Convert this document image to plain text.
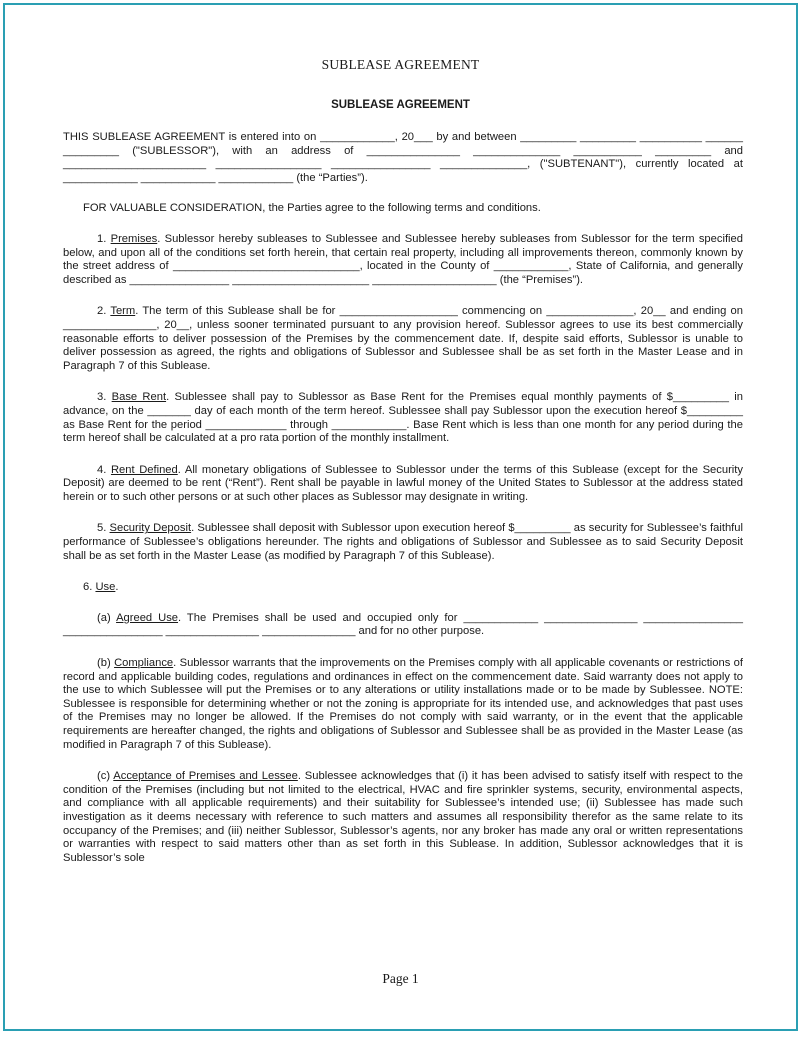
SUBLEASE AGREEMENT
SUBLEASE AGREEMENT

THIS SUBLEASE AGREEMENT is entered into on ____________, 20___ by and between _________ _________ __________ ______ _________ ("SUBLESSOR"), with an address of _______________ ______________ ___________ _________ and _______________________ _________________ ________________ ______________, ("SUBTENANT"), currently located at ____________ ____________ ____________ (the “Parties”).

FOR VALUABLE CONSIDERATION, the Parties agree to the following terms and conditions.

1. Premises. Sublessor hereby subleases to Sublessee and Sublessee hereby subleases from Sublessor for the term specified below, and upon all of the conditions set forth herein, that certain real property, including all improvements thereon, commonly known by the street address of ______________________________, located in the County of ____________, State of California, and generally described as ________________ ______________________ ____________________ (the “Premises”).

2. Term. The term of this Sublease shall be for ___________________ commencing on ______________, 20__ and ending on _______________, 20__, unless sooner terminated pursuant to any provision hereof. Sublessor agrees to use its best commercially reasonable efforts to deliver possession of the Premises by the commencement date. If, despite said efforts, Sublessor is unable to deliver possession as agreed, the rights and obligations of Sublessor and Sublessee shall be as set forth in the Master Lease and in Paragraph 7 of this Sublease.

3. Base Rent. Sublessee shall pay to Sublessor as Base Rent for the Premises equal monthly payments of $_________ in advance, on the _______ day of each month of the term hereof. Sublessee shall pay Sublessor upon the execution hereof $_________ as Base Rent for the period _____________ through ____________. Base Rent which is less than one month for any period during the term hereof shall be calculated at a pro rata portion of the monthly installment.

4. Rent Defined. All monetary obligations of Sublessee to Sublessor under the terms of this Sublease (except for the Security Deposit) are deemed to be rent (“Rent”). Rent shall be payable in lawful money of the United States to Sublessor at the address stated herein or to such other persons or at such other places as Sublessor may designate in writing.

5. Security Deposit. Sublessee shall deposit with Sublessor upon execution hereof $_________ as security for Sublessee’s faithful performance of Sublessee’s obligations hereunder. The rights and obligations of Sublessor and Sublessee as to said Security Deposit shall be as set forth in the Master Lease (as modified by Paragraph 7 of this Sublease).

6. Use.

(a) Agreed Use. The Premises shall be used and occupied only for ____________ _______________ ________________ ________________ _______________ _______________ and for no other purpose.

(b) Compliance. Sublessor warrants that the improvements on the Premises comply with all applicable covenants or restrictions of record and applicable building codes, regulations and ordinances in effect on the commencement date. Said warranty does not apply to the use to which Sublessee will put the Premises or to any alterations or utility installations made or to be made by Sublessee. NOTE: Sublessee is responsible for determining whether or not the zoning is appropriate for its intended use, and acknowledges that past uses of the Premises may no longer be allowed. If the Premises do not comply with said warranty, or in the event that the applicable requirements are hereafter changed, the rights and obligations of Sublessor and Sublessee shall be as provided in the Master Lease (as modified in Paragraph 7 of this Sublease).

(c) Acceptance of Premises and Lessee. Sublessee acknowledges that (i) it has been advised to satisfy itself with respect to the condition of the Premises (including but not limited to the electrical, HVAC and fire sprinkler systems, security, environmental aspects, and compliance with all applicable requirements) and their suitability for Sublessee’s intended use; (ii) Sublessee has made such investigation as it deems necessary with reference to such matters and assumes all responsibility therefor as the same relate to its occupancy of the Premises; and (iii) neither Sublessor, Sublessor’s agents, nor any broker has made any oral or written representations or warranties with respect to said matters other than as set forth in this Sublease. In addition, Sublessor acknowledges that it is Sublessor’s sole

Page 1
